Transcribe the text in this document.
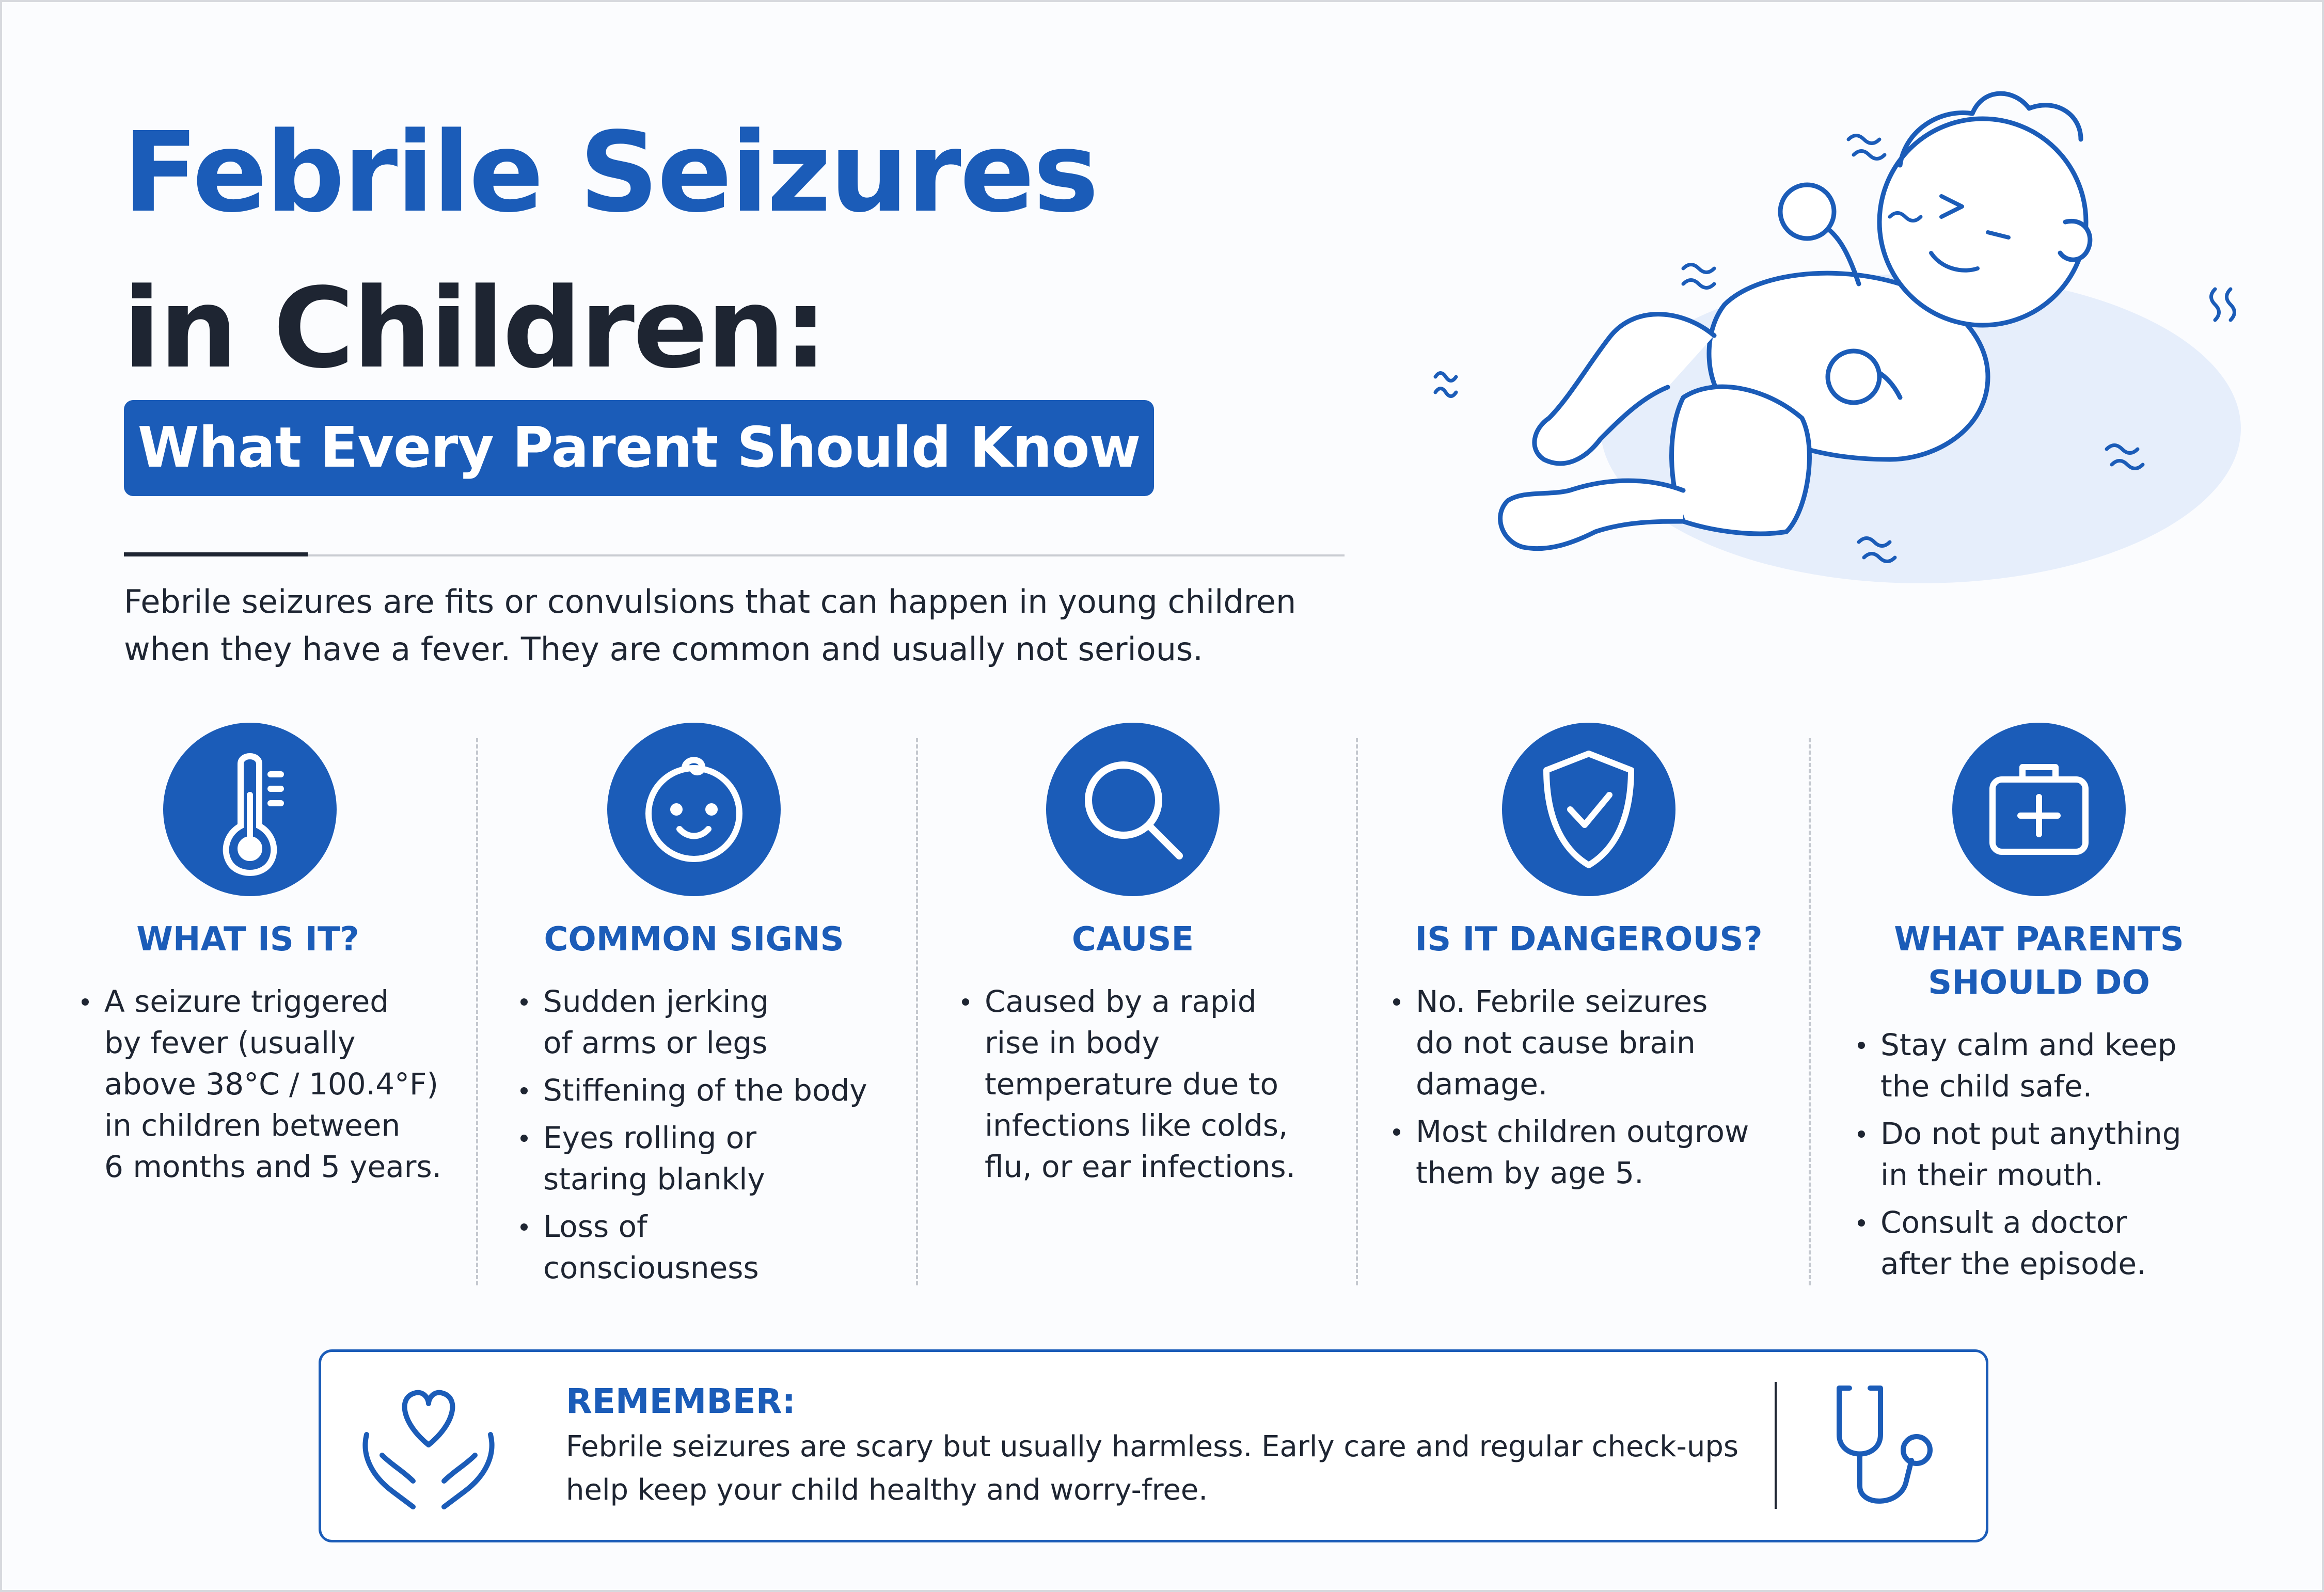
Febrile Seizures
in Children:
What Every Parent Should Know

Febrile seizures are fits or convulsions that can happen in young children
when they have a fever. They are common and usually not serious.

WHAT IS IT?
A seizure triggered
by fever (usually
above 38°C / 100.4°F)
in children between
6 months and 5 years.
COMMON SIGNS
Sudden jerking
of arms or legs
Stiffening of the body
Eyes rolling or
staring blankly
Loss of
consciousness
CAUSE
Caused by a rapid
rise in body
temperature due to
infections like colds,
flu, or ear infections.
IS IT DANGEROUS?
No. Febrile seizures
do not cause brain
damage.
Most children outgrow
them by age 5.
WHAT PARENTS
SHOULD DO
Stay calm and keep
the child safe.
Do not put anything
in their mouth.
Consult a doctor
after the episode.
REMEMBER:

Febrile seizures are scary but usually harmless. Early care and regular check-ups
help keep your child healthy and worry-free.
